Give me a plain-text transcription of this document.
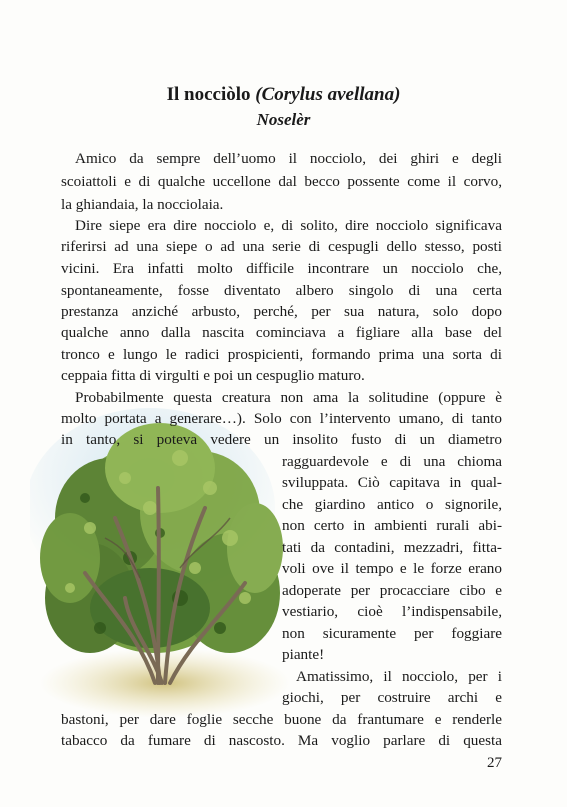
Il nocciòlo (Corylus avellana)
Noselèr
Amico da sempre dell’uomo il nocciolo, dei ghiri e degli
scoiattoli e di qualche uccellone dal becco possente come il corvo,
la ghiandaia, la nocciolaia.
Dire siepe era dire nocciolo e, di solito, dire nocciolo significava
riferirsi ad una siepe o ad una serie di cespugli dello stesso, posti
vicini. Era infatti molto difficile incontrare un nocciolo che,
spontaneamente, fosse diventato albero singolo di una certa
prestanza anziché arbusto, perché, per sua natura, solo dopo
qualche anno dalla nascita cominciava a figliare alla base del
tronco e lungo le radici prospicienti, formando prima una sorta di
ceppaia fitta di virgulti e poi un cespuglio maturo.
Probabilmente questa creatura non ama la solitudine (oppure è
molto portata a generare…). Solo con l’intervento umano, di tanto
in tanto, si poteva vedere un insolito fusto di un diametro
ragguardevole e di una chioma
sviluppata. Ciò capitava in qual-
che giardino antico o signorile,
non certo in ambienti rurali abi-
tati da contadini, mezzadri, fitta-
voli ove il tempo e le forze erano
adoperate per procacciare cibo e
vestiario, cioè l’indispensabile,
non sicuramente per foggiare
piante!
Amatissimo, il nocciolo, per i
giochi, per costruire archi e
bastoni, per dare foglie secche buone da frantumare e renderle
tabacco da fumare di nascosto. Ma voglio parlare di questa
27
